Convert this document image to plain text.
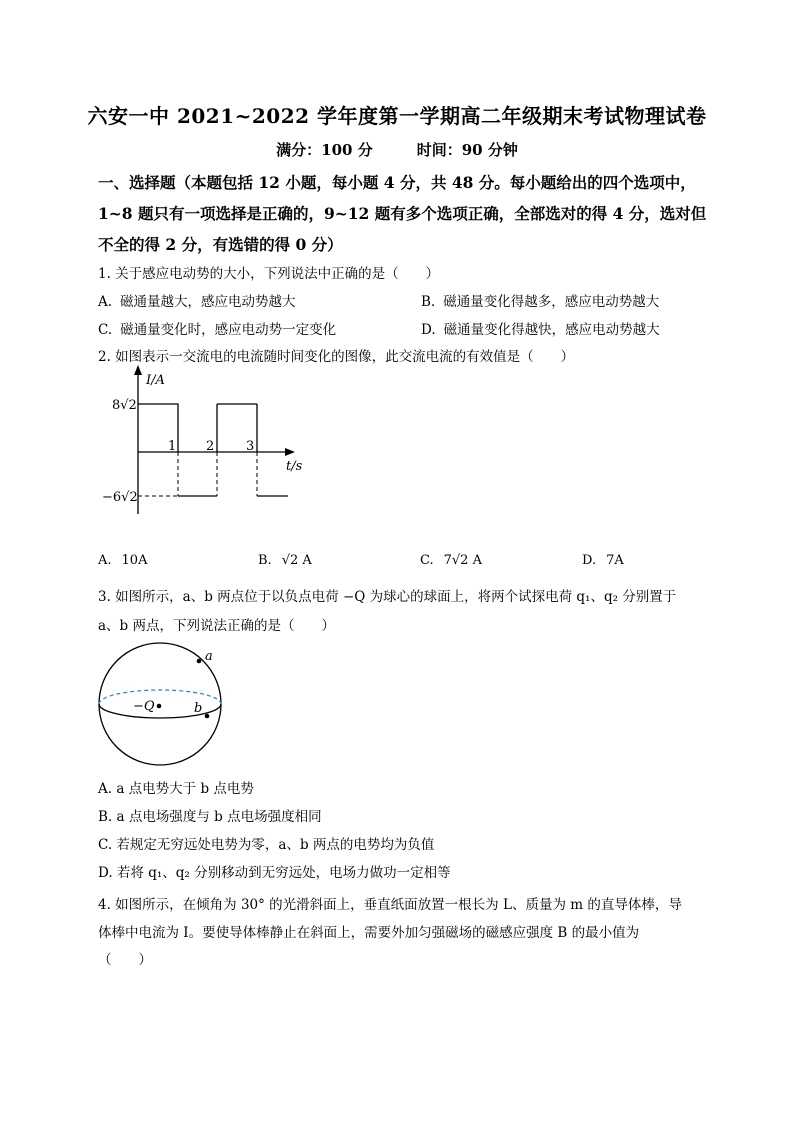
六安一中 2021~2022 学年度第一学期高二年级期末考试物理试卷
满分：100 分	时间：90 分钟
一、选择题（本题包括 12 小题，每小题 4 分，共 48 分。每小题给出的四个选项中，
1~8 题只有一项选择是正确的，9~12 题有多个选项正确，全部选对的得 4 分，选对但
不全的得 2 分，有选错的得 0 分）
1. 关于感应电动势的大小，下列说法中正确的是（　　）
A. 磁通量越大，感应电动势越大	B. 磁通量变化得越多，感应电动势越大
C. 磁通量变化时，感应电动势一定变化	D. 磁通量变化得越快，感应电动势越大
2. 如图表示一交流电的电流随时间变化的图像，此交流电流的有效值是（　　）
I/A
t/s
8√2
−6√2
1 2 3
A. 10A	B. √2 A	C. 7√2 A	D. 7A
3. 如图所示，a、b 两点位于以负点电荷 −Q 为球心的球面上，将两个试探电荷 q₁、q₂ 分别置于
a、b 两点，下列说法正确的是（　　）
a
b
−Q
A. a 点电势大于 b 点电势
B. a 点电场强度与 b 点电场强度相同
C. 若规定无穷远处电势为零，a、b 两点的电势均为负值
D. 若将 q₁、q₂ 分别移动到无穷远处，电场力做功一定相等
4. 如图所示，在倾角为 30° 的光滑斜面上，垂直纸面放置一根长为 L、质量为 m 的直导体棒，导
体棒中电流为 I。要使导体棒静止在斜面上，需要外加匀强磁场的磁感应强度 B 的最小值为
（　　）
